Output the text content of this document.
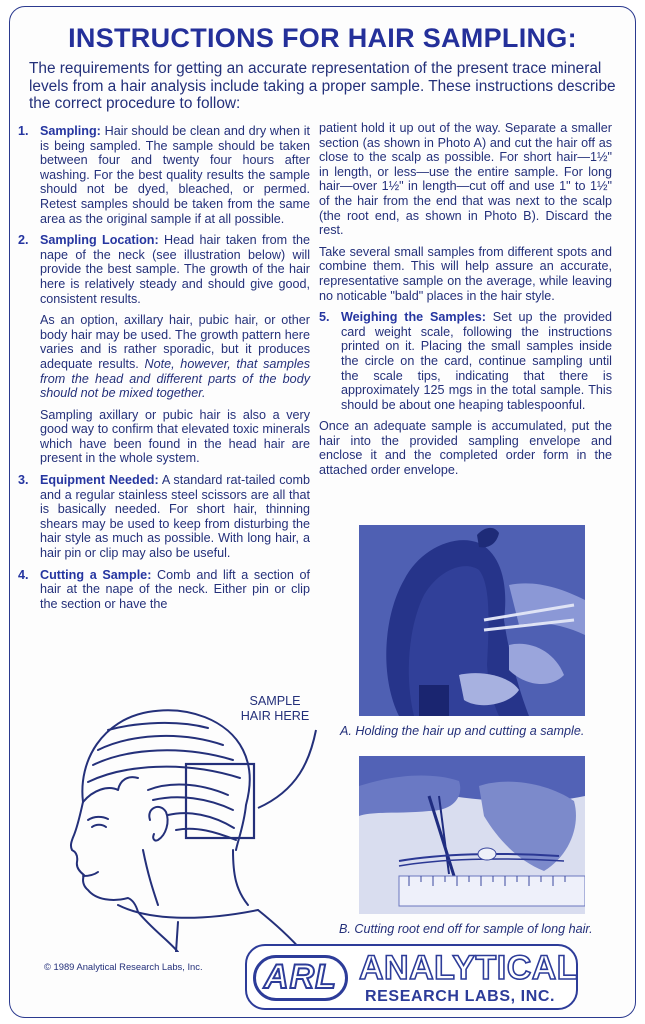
INSTRUCTIONS FOR HAIR SAMPLING:
The requirements for getting an accurate representation of the present trace mineral levels from a hair analysis include taking a proper sample. These instructions describe the correct procedure to follow:
1. Sampling: Hair should be clean and dry when it is being sampled. The sample should be taken between four and twenty four hours after washing. For the best quality results the sample should not be dyed, bleached, or permed. Retest samples should be taken from the same area as the original sample if at all possible.
2. Sampling Location: Head hair taken from the nape of the neck (see illustration below) will provide the best sample. The growth of the hair here is relatively steady and should give good, consistent results.
As an option, axillary hair, pubic hair, or other body hair may be used. The growth pattern here varies and is rather sporadic, but it produces adequate results. Note, however, that samples from the head and different parts of the body should not be mixed together.
Sampling axillary or pubic hair is also a very good way to confirm that elevated toxic minerals which have been found in the head hair are present in the whole system.
3. Equipment Needed: A standard rat-tailed comb and a regular stainless steel scissors are all that is basically needed. For short hair, thinning shears may be used to keep from disturbing the hair style as much as possible. With long hair, a hair pin or clip may also be useful.
4. Cutting a Sample: Comb and lift a section of hair at the nape of the neck. Either pin or clip the section or have the
patient hold it up out of the way. Separate a smaller section (as shown in Photo A) and cut the hair off as close to the scalp as possible. For short hair—1½" in length, or less—use the entire sample. For long hair—over 1½" in length—cut off and use 1" to 1½" of the hair from the end that was next to the scalp (the root end, as shown in Photo B). Discard the rest.
Take several small samples from different spots and combine them. This will help assure an accurate, representative sample on the average, while leaving no noticable "bald" places in the hair style.
5. Weighing the Samples: Set up the provided card weight scale, following the instructions printed on it. Placing the small samples inside the circle on the card, continue sampling until the scale tips, indicating that there is approximately 125 mgs in the total sample. This should be about one heaping tablespoonful.
Once an adequate sample is accumulated, put the hair into the provided sampling envelope and enclose it and the completed order form in the attached order envelope.
A. Holding the hair up and cutting a sample.
B. Cutting root end off for sample of long hair.
SAMPLE HAIR HERE
© 1989 Analytical Research Labs, Inc.	ARL ANALYTICAL
RESEARCH LABS, INC.
